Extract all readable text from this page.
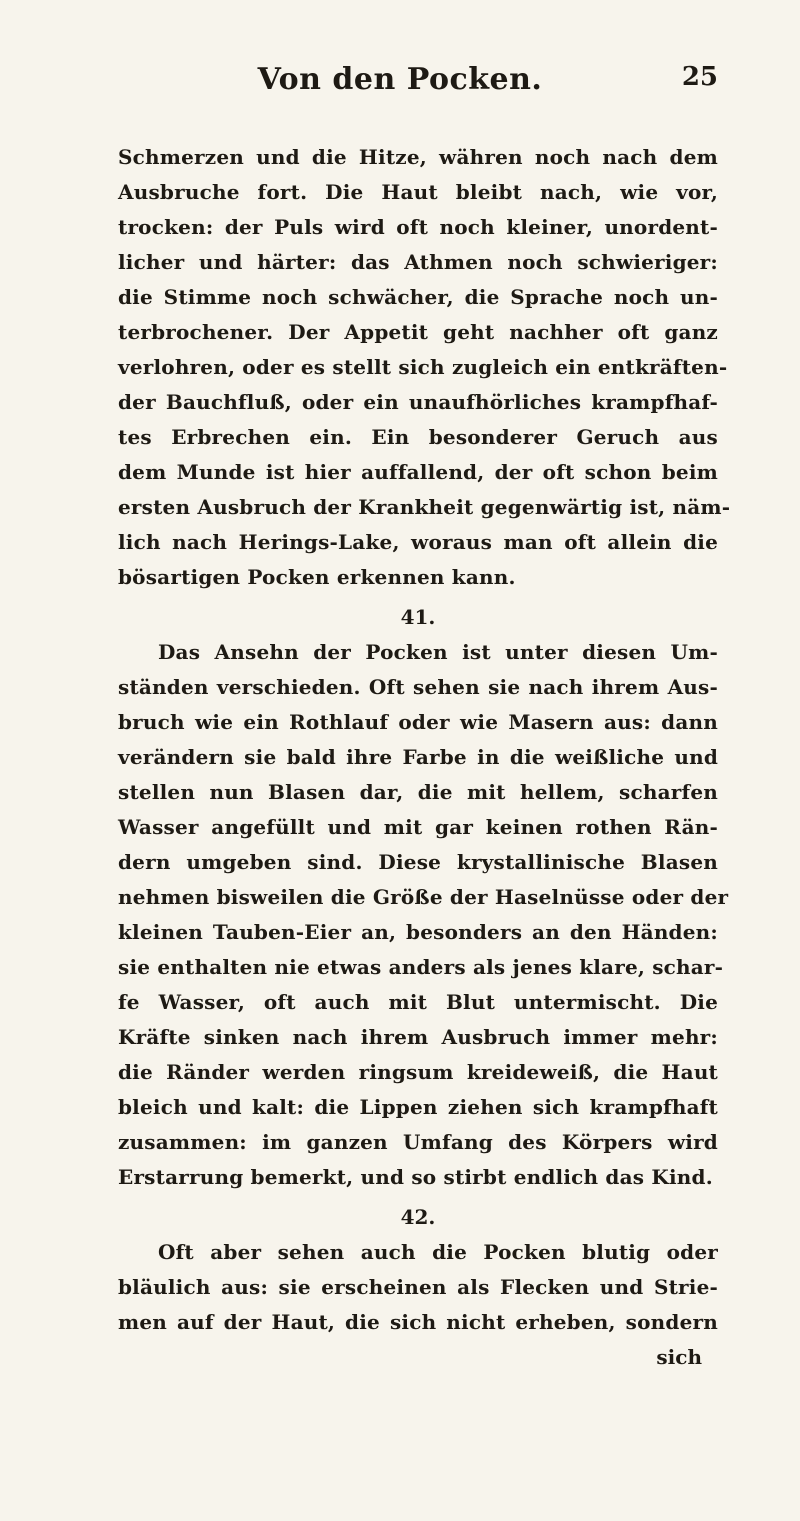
Von den Pocken.	25
Schmerzen und die Hitze, währen noch nach dem
Ausbruche fort. Die Haut bleibt nach, wie vor,
trocken: der Puls wird oft noch kleiner, unordent-
licher und härter: das Athmen noch schwieriger:
die Stimme noch schwächer, die Sprache noch un-
terbrochener. Der Appetit geht nachher oft ganz
verlohren, oder es stellt sich zugleich ein entkräften-
der Bauchfluß, oder ein unaufhörliches krampfhaf-
tes Erbrechen ein. Ein besonderer Geruch aus
dem Munde ist hier auffallend, der oft schon beim
ersten Ausbruch der Krankheit gegenwärtig ist, näm-
lich nach Herings-Lake, woraus man oft allein die
bösartigen Pocken erkennen kann.
41.
Das Ansehn der Pocken ist unter diesen Um-
ständen verschieden. Oft sehen sie nach ihrem Aus-
bruch wie ein Rothlauf oder wie Masern aus: dann
verändern sie bald ihre Farbe in die weißliche und
stellen nun Blasen dar, die mit hellem, scharfen
Wasser angefüllt und mit gar keinen rothen Rän-
dern umgeben sind. Diese krystallinische Blasen
nehmen bisweilen die Größe der Haselnüsse oder der
kleinen Tauben-Eier an, besonders an den Händen:
sie enthalten nie etwas anders als jenes klare, schar-
fe Wasser, oft auch mit Blut untermischt. Die
Kräfte sinken nach ihrem Ausbruch immer mehr:
die Ränder werden ringsum kreideweiß, die Haut
bleich und kalt: die Lippen ziehen sich krampfhaft
zusammen: im ganzen Umfang des Körpers wird
Erstarrung bemerkt, und so stirbt endlich das Kind.
42.
Oft aber sehen auch die Pocken blutig oder
bläulich aus: sie erscheinen als Flecken und Strie-
men auf der Haut, die sich nicht erheben, sondern
sich
